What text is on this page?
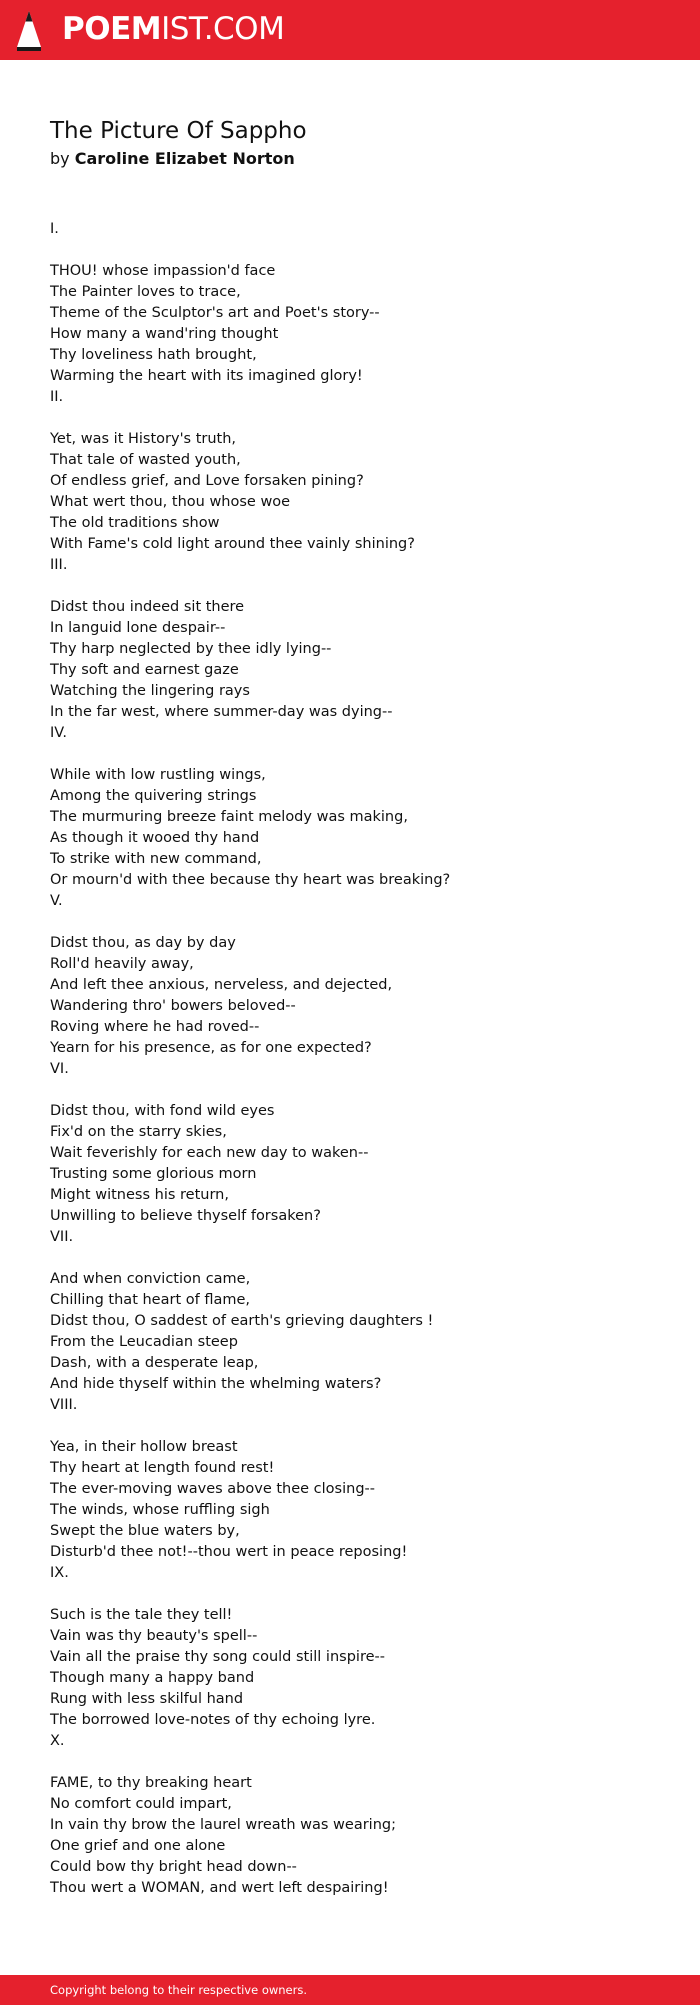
POEMIST.COM
The Picture Of Sappho
by Caroline Elizabet Norton
I.
THOU! whose impassion'd face
The Painter loves to trace,
Theme of the Sculptor's art and Poet's story--
How many a wand'ring thought
Thy loveliness hath brought,
Warming the heart with its imagined glory!
II.
Yet, was it History's truth,
That tale of wasted youth,
Of endless grief, and Love forsaken pining?
What wert thou, thou whose woe
The old traditions show
With Fame's cold light around thee vainly shining?
III.
Didst thou indeed sit there
In languid lone despair--
Thy harp neglected by thee idly lying--
Thy soft and earnest gaze
Watching the lingering rays
In the far west, where summer-day was dying--
IV.
While with low rustling wings,
Among the quivering strings
The murmuring breeze faint melody was making,
As though it wooed thy hand
To strike with new command,
Or mourn'd with thee because thy heart was breaking?
V.
Didst thou, as day by day
Roll'd heavily away,
And left thee anxious, nerveless, and dejected,
Wandering thro' bowers beloved--
Roving where he had roved--
Yearn for his presence, as for one expected?
VI.
Didst thou, with fond wild eyes
Fix'd on the starry skies,
Wait feverishly for each new day to waken--
Trusting some glorious morn
Might witness his return,
Unwilling to believe thyself forsaken?
VII.
And when conviction came,
Chilling that heart of flame,
Didst thou, O saddest of earth's grieving daughters !
From the Leucadian steep
Dash, with a desperate leap,
And hide thyself within the whelming waters?
VIII.
Yea, in their hollow breast
Thy heart at length found rest!
The ever-moving waves above thee closing--
The winds, whose ruffling sigh
Swept the blue waters by,
Disturb'd thee not!--thou wert in peace reposing!
IX.
Such is the tale they tell!
Vain was thy beauty's spell--
Vain all the praise thy song could still inspire--
Though many a happy band
Rung with less skilful hand
The borrowed love-notes of thy echoing lyre.
X.
FAME, to thy breaking heart
No comfort could impart,
In vain thy brow the laurel wreath was wearing;
One grief and one alone
Could bow thy bright head down--
Thou wert a WOMAN, and wert left despairing!
Copyright belong to their respective owners.
